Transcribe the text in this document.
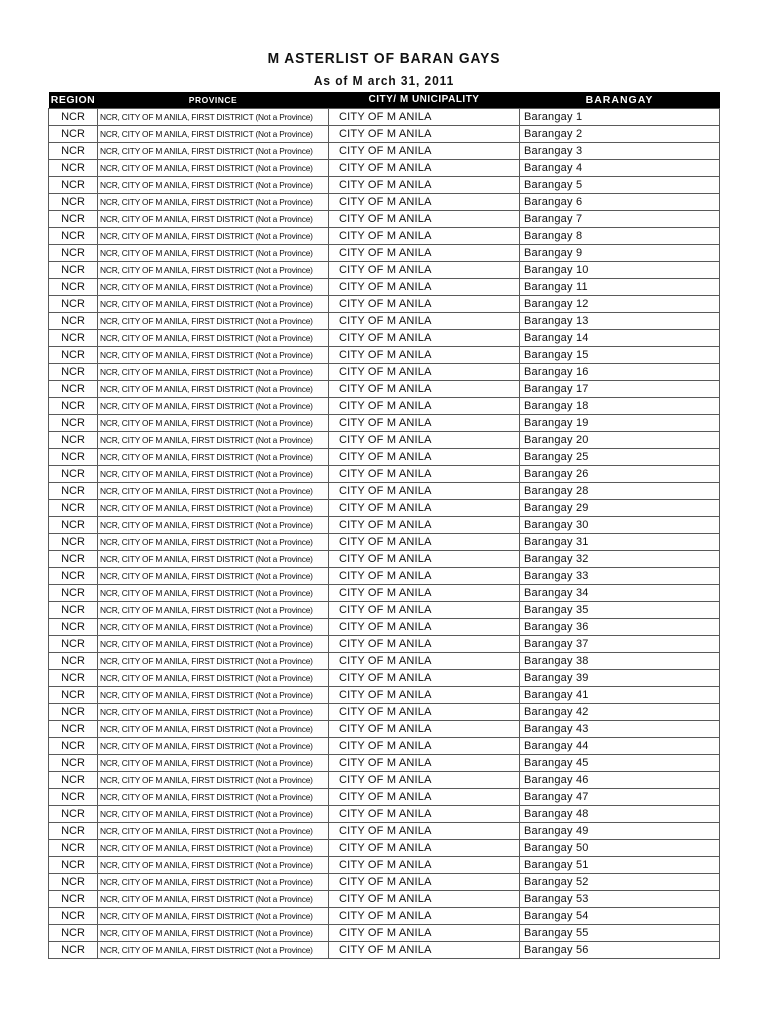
M ASTERLIST OF BARAN GAYS
As of M arch 31, 2011
REGION	PROVINCE	CITY/ M UNICIPALITY	BARANGAY
NCR	NCR, CITY OF M ANILA, FIRST DISTRICT (Not a Province)	CITY OF M ANILA	Barangay 1
NCR	NCR, CITY OF M ANILA, FIRST DISTRICT (Not a Province)	CITY OF M ANILA	Barangay 2
NCR	NCR, CITY OF M ANILA, FIRST DISTRICT (Not a Province)	CITY OF M ANILA	Barangay 3
NCR	NCR, CITY OF M ANILA, FIRST DISTRICT (Not a Province)	CITY OF M ANILA	Barangay 4
NCR	NCR, CITY OF M ANILA, FIRST DISTRICT (Not a Province)	CITY OF M ANILA	Barangay 5
NCR	NCR, CITY OF M ANILA, FIRST DISTRICT (Not a Province)	CITY OF M ANILA	Barangay 6
NCR	NCR, CITY OF M ANILA, FIRST DISTRICT (Not a Province)	CITY OF M ANILA	Barangay 7
NCR	NCR, CITY OF M ANILA, FIRST DISTRICT (Not a Province)	CITY OF M ANILA	Barangay 8
NCR	NCR, CITY OF M ANILA, FIRST DISTRICT (Not a Province)	CITY OF M ANILA	Barangay 9
NCR	NCR, CITY OF M ANILA, FIRST DISTRICT (Not a Province)	CITY OF M ANILA	Barangay 10
NCR	NCR, CITY OF M ANILA, FIRST DISTRICT (Not a Province)	CITY OF M ANILA	Barangay 11
NCR	NCR, CITY OF M ANILA, FIRST DISTRICT (Not a Province)	CITY OF M ANILA	Barangay 12
NCR	NCR, CITY OF M ANILA, FIRST DISTRICT (Not a Province)	CITY OF M ANILA	Barangay 13
NCR	NCR, CITY OF M ANILA, FIRST DISTRICT (Not a Province)	CITY OF M ANILA	Barangay 14
NCR	NCR, CITY OF M ANILA, FIRST DISTRICT (Not a Province)	CITY OF M ANILA	Barangay 15
NCR	NCR, CITY OF M ANILA, FIRST DISTRICT (Not a Province)	CITY OF M ANILA	Barangay 16
NCR	NCR, CITY OF M ANILA, FIRST DISTRICT (Not a Province)	CITY OF M ANILA	Barangay 17
NCR	NCR, CITY OF M ANILA, FIRST DISTRICT (Not a Province)	CITY OF M ANILA	Barangay 18
NCR	NCR, CITY OF M ANILA, FIRST DISTRICT (Not a Province)	CITY OF M ANILA	Barangay 19
NCR	NCR, CITY OF M ANILA, FIRST DISTRICT (Not a Province)	CITY OF M ANILA	Barangay 20
NCR	NCR, CITY OF M ANILA, FIRST DISTRICT (Not a Province)	CITY OF M ANILA	Barangay 25
NCR	NCR, CITY OF M ANILA, FIRST DISTRICT (Not a Province)	CITY OF M ANILA	Barangay 26
NCR	NCR, CITY OF M ANILA, FIRST DISTRICT (Not a Province)	CITY OF M ANILA	Barangay 28
NCR	NCR, CITY OF M ANILA, FIRST DISTRICT (Not a Province)	CITY OF M ANILA	Barangay 29
NCR	NCR, CITY OF M ANILA, FIRST DISTRICT (Not a Province)	CITY OF M ANILA	Barangay 30
NCR	NCR, CITY OF M ANILA, FIRST DISTRICT (Not a Province)	CITY OF M ANILA	Barangay 31
NCR	NCR, CITY OF M ANILA, FIRST DISTRICT (Not a Province)	CITY OF M ANILA	Barangay 32
NCR	NCR, CITY OF M ANILA, FIRST DISTRICT (Not a Province)	CITY OF M ANILA	Barangay 33
NCR	NCR, CITY OF M ANILA, FIRST DISTRICT (Not a Province)	CITY OF M ANILA	Barangay 34
NCR	NCR, CITY OF M ANILA, FIRST DISTRICT (Not a Province)	CITY OF M ANILA	Barangay 35
NCR	NCR, CITY OF M ANILA, FIRST DISTRICT (Not a Province)	CITY OF M ANILA	Barangay 36
NCR	NCR, CITY OF M ANILA, FIRST DISTRICT (Not a Province)	CITY OF M ANILA	Barangay 37
NCR	NCR, CITY OF M ANILA, FIRST DISTRICT (Not a Province)	CITY OF M ANILA	Barangay 38
NCR	NCR, CITY OF M ANILA, FIRST DISTRICT (Not a Province)	CITY OF M ANILA	Barangay 39
NCR	NCR, CITY OF M ANILA, FIRST DISTRICT (Not a Province)	CITY OF M ANILA	Barangay 41
NCR	NCR, CITY OF M ANILA, FIRST DISTRICT (Not a Province)	CITY OF M ANILA	Barangay 42
NCR	NCR, CITY OF M ANILA, FIRST DISTRICT (Not a Province)	CITY OF M ANILA	Barangay 43
NCR	NCR, CITY OF M ANILA, FIRST DISTRICT (Not a Province)	CITY OF M ANILA	Barangay 44
NCR	NCR, CITY OF M ANILA, FIRST DISTRICT (Not a Province)	CITY OF M ANILA	Barangay 45
NCR	NCR, CITY OF M ANILA, FIRST DISTRICT (Not a Province)	CITY OF M ANILA	Barangay 46
NCR	NCR, CITY OF M ANILA, FIRST DISTRICT (Not a Province)	CITY OF M ANILA	Barangay 47
NCR	NCR, CITY OF M ANILA, FIRST DISTRICT (Not a Province)	CITY OF M ANILA	Barangay 48
NCR	NCR, CITY OF M ANILA, FIRST DISTRICT (Not a Province)	CITY OF M ANILA	Barangay 49
NCR	NCR, CITY OF M ANILA, FIRST DISTRICT (Not a Province)	CITY OF M ANILA	Barangay 50
NCR	NCR, CITY OF M ANILA, FIRST DISTRICT (Not a Province)	CITY OF M ANILA	Barangay 51
NCR	NCR, CITY OF M ANILA, FIRST DISTRICT (Not a Province)	CITY OF M ANILA	Barangay 52
NCR	NCR, CITY OF M ANILA, FIRST DISTRICT (Not a Province)	CITY OF M ANILA	Barangay 53
NCR	NCR, CITY OF M ANILA, FIRST DISTRICT (Not a Province)	CITY OF M ANILA	Barangay 54
NCR	NCR, CITY OF M ANILA, FIRST DISTRICT (Not a Province)	CITY OF M ANILA	Barangay 55
NCR	NCR, CITY OF M ANILA, FIRST DISTRICT (Not a Province)	CITY OF M ANILA	Barangay 56
